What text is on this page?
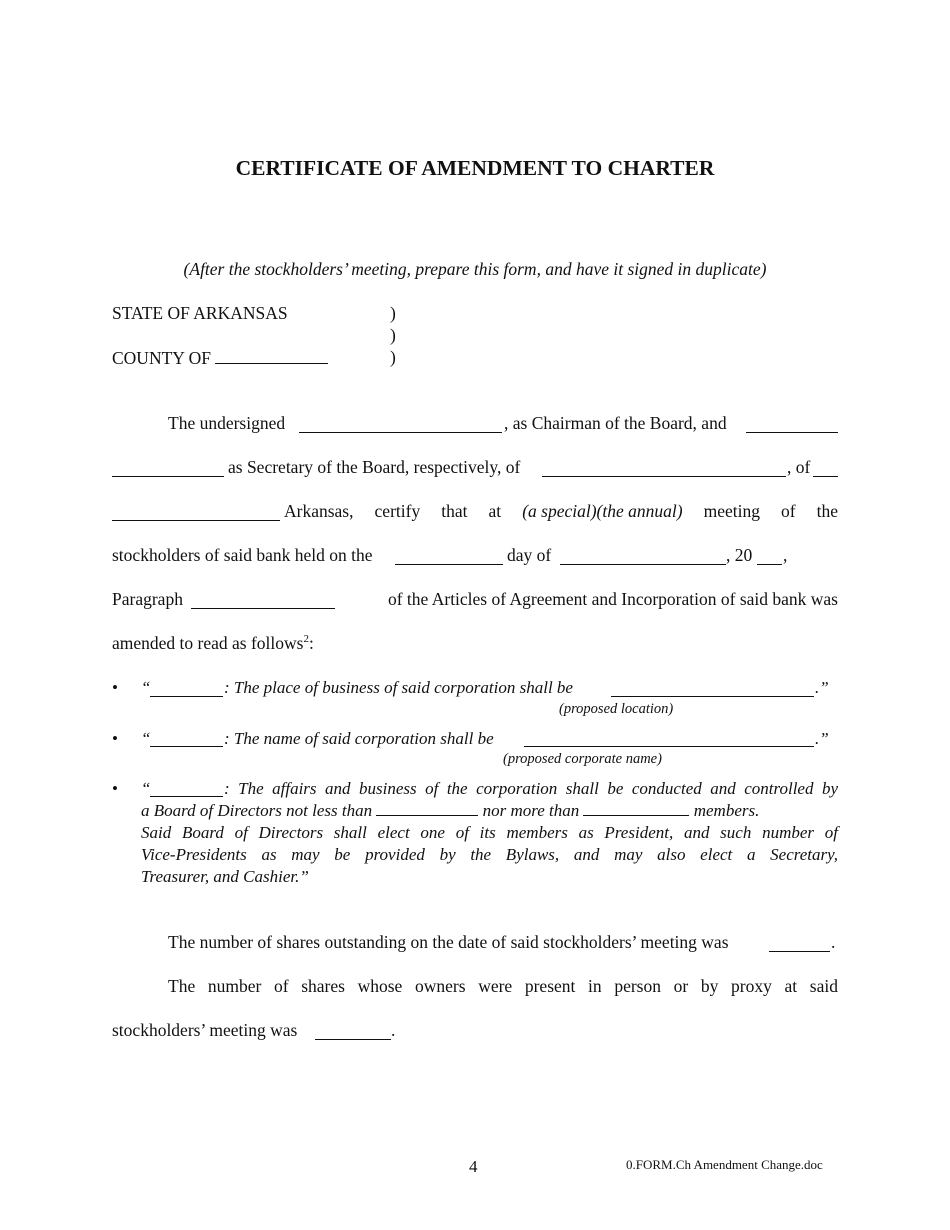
CERTIFICATE OF AMENDMENT TO CHARTER
(After the stockholders’ meeting, prepare this form, and have it signed in duplicate)
STATE OF ARKANSAS	)
)
COUNTY OF	)
The undersigned	, as Chairman of the Board, and
as Secretary of the Board, respectively, of	, of
Arkansas, certify that at (a special)(the annual) meeting of the
stockholders of said bank held on the	day of	, 20 ,
Paragraph	of the Articles of Agreement and Incorporation of said bank was
amended to read as follows$^2$:
• “	: The place of business of said corporation shall be	.”
(proposed location)
• “	: The name of said corporation shall be	.”
(proposed corporate name)
• “	: The affairs and business of the corporation shall be conducted and controlled by
a Board of Directors not less than	nor more than	members.
Said Board of Directors shall elect one of its members as President, and such number of
Vice-Presidents as may be provided by the Bylaws, and may also elect a Secretary,
Treasurer, and Cashier.”
The number of shares outstanding on the date of said stockholders’ meeting was	.
The number of shares whose owners were present in person or by proxy at said
stockholders’ meeting was	.
4	0.FORM.Ch Amendment Change.doc
